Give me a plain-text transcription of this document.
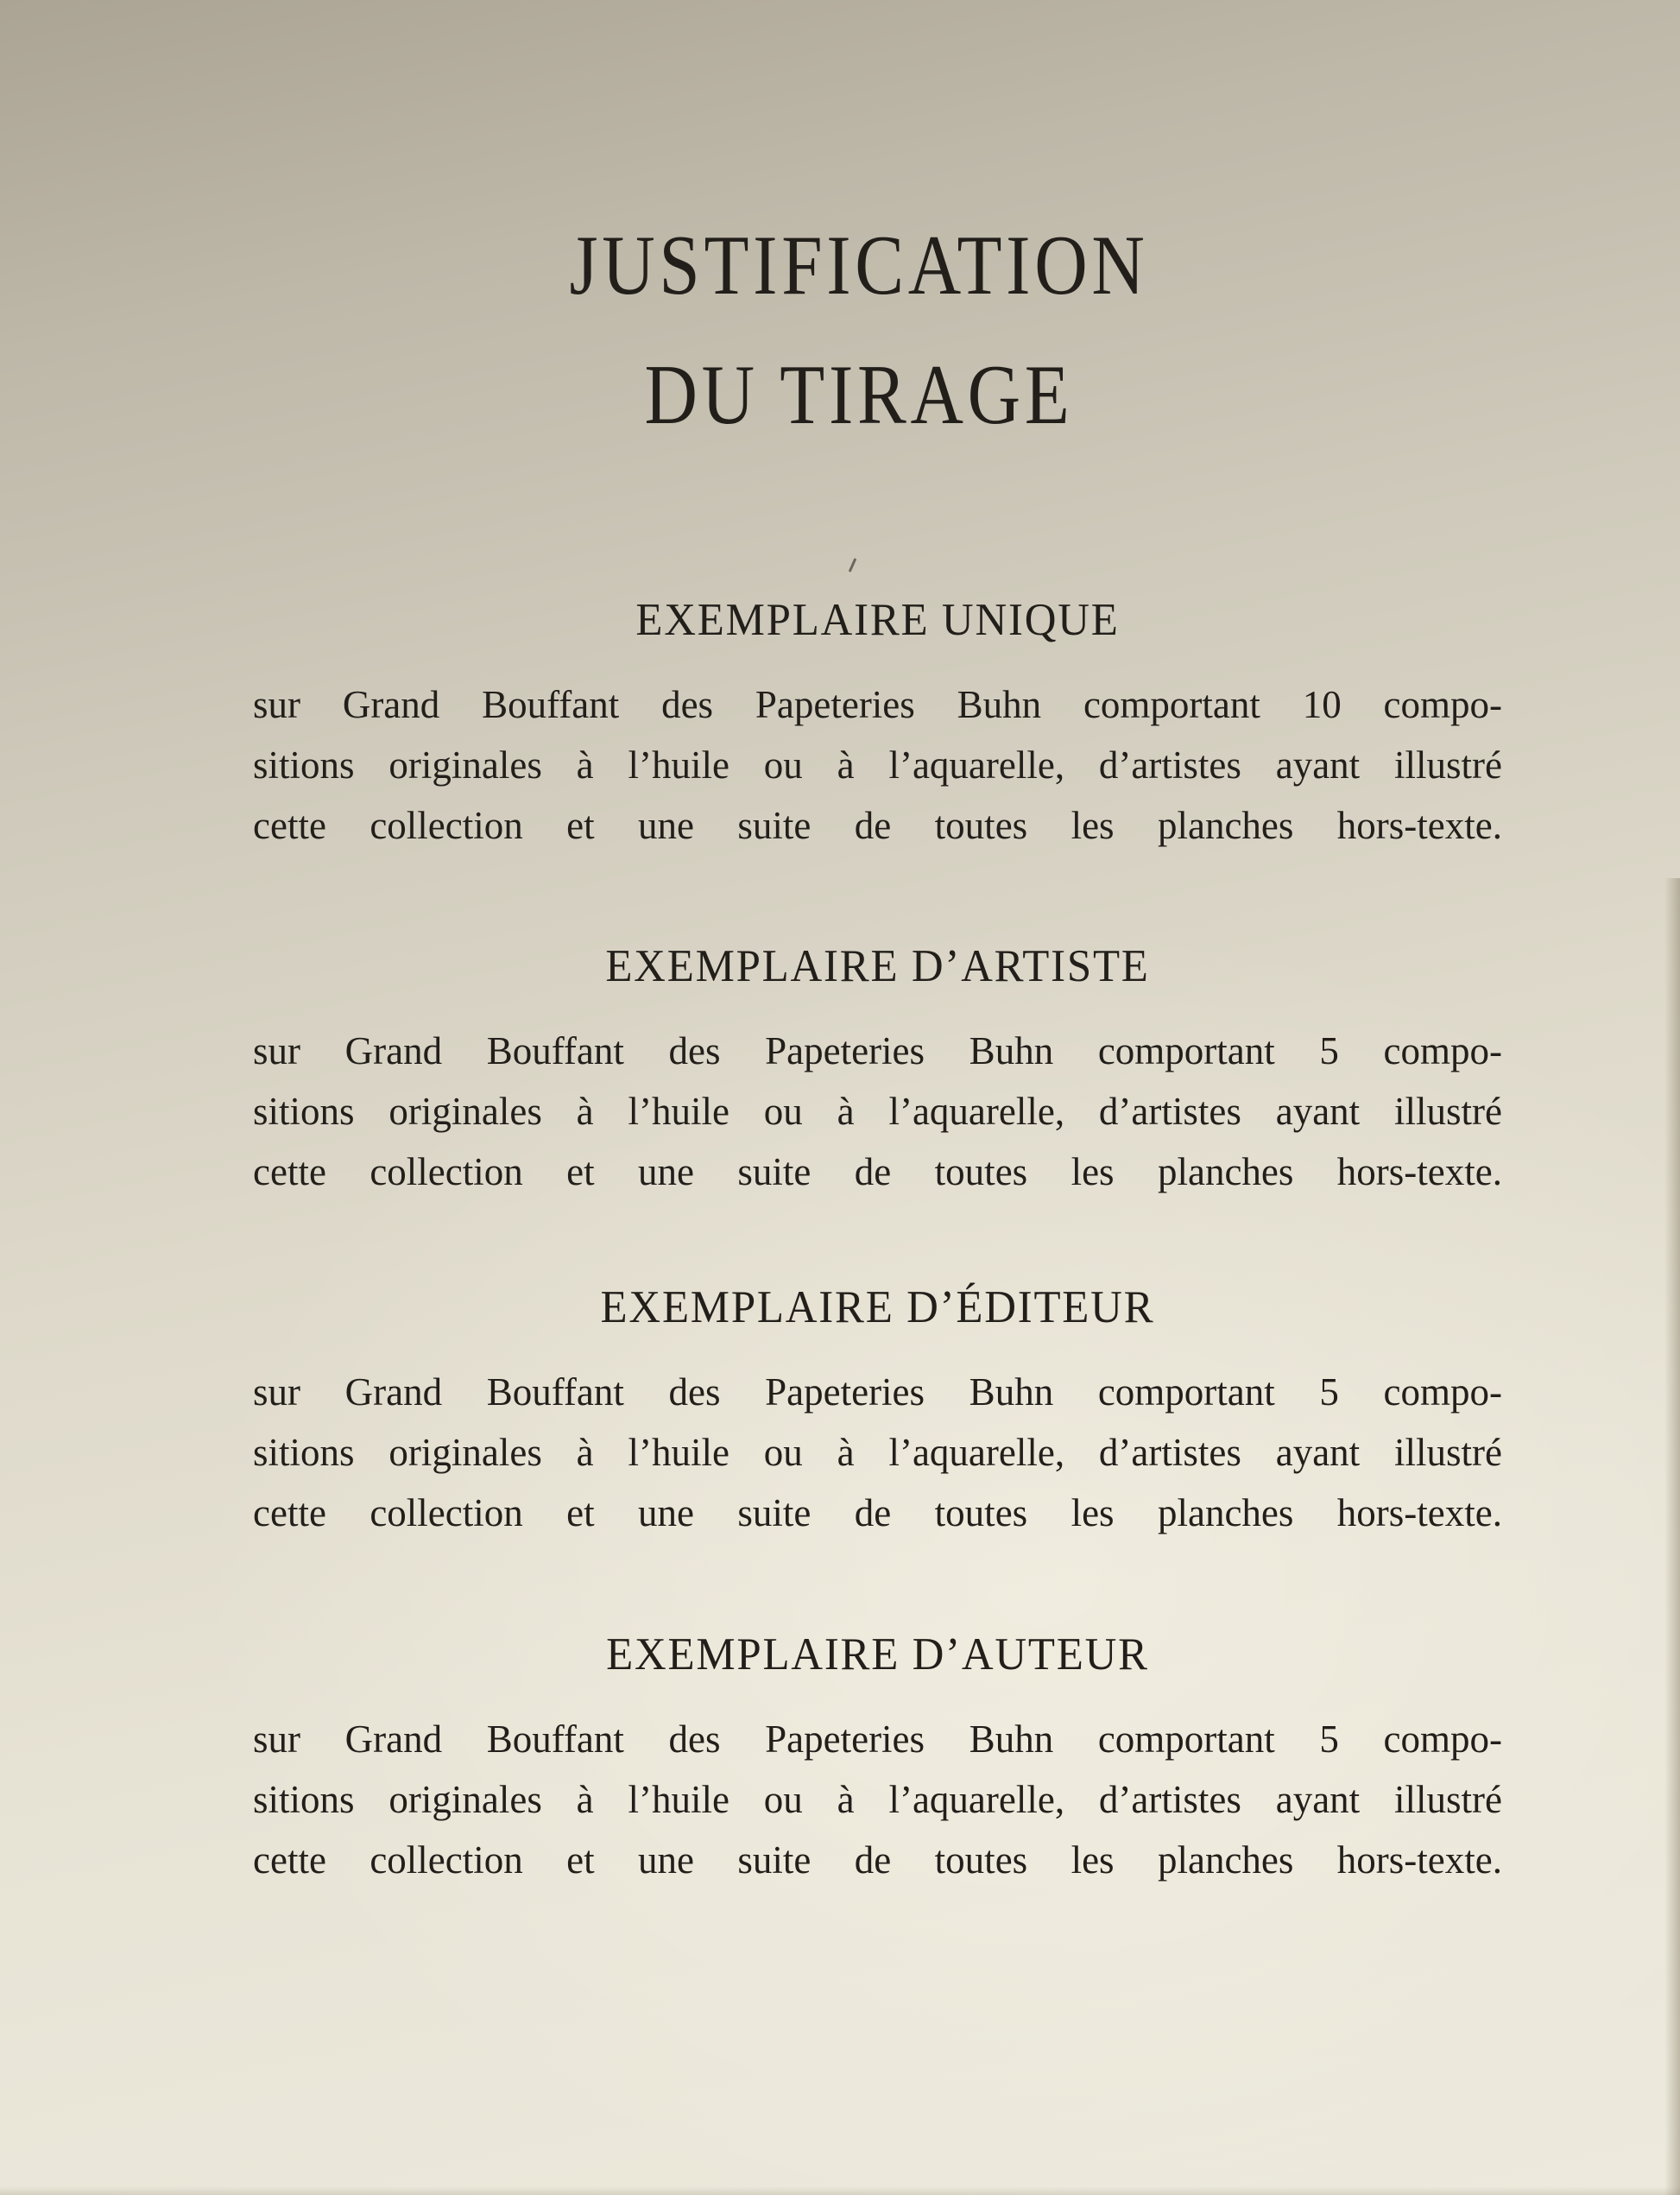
JUSTIFICATION
DU TIRAGE
EXEMPLAIRE UNIQUE
sur Grand Bouffant des Papeteries Buhn comportant 10 compo-
sitions originales à l’huile ou à l’aquarelle, d’artistes ayant illustré
cette collection et une suite de toutes les planches hors-texte.
EXEMPLAIRE D’ARTISTE
sur Grand Bouffant des Papeteries Buhn comportant 5 compo-
sitions originales à l’huile ou à l’aquarelle, d’artistes ayant illustré
cette collection et une suite de toutes les planches hors-texte.
EXEMPLAIRE D’ÉDITEUR
sur Grand Bouffant des Papeteries Buhn comportant 5 compo-
sitions originales à l’huile ou à l’aquarelle, d’artistes ayant illustré
cette collection et une suite de toutes les planches hors-texte.
EXEMPLAIRE D’AUTEUR
sur Grand Bouffant des Papeteries Buhn comportant 5 compo-
sitions originales à l’huile ou à l’aquarelle, d’artistes ayant illustré
cette collection et une suite de toutes les planches hors-texte.
